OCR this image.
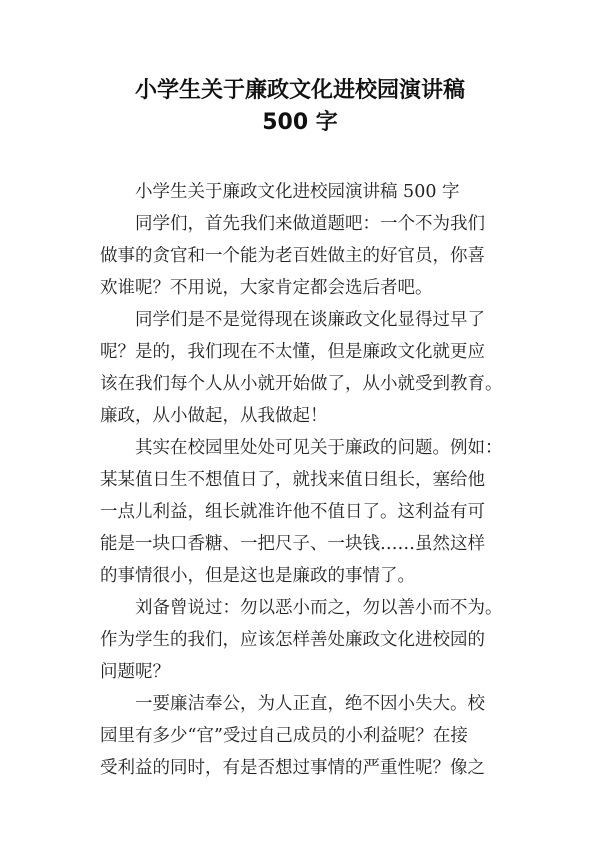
小学生关于廉政文化进校园演讲稿
500 字

小学生关于廉政文化进校园演讲稿 500 字

同学们，首先我们来做道题吧：一个不为我们
做事的贪官和一个能为老百姓做主的好官员，你喜
欢谁呢？不用说，大家肯定都会选后者吧。

同学们是不是觉得现在谈廉政文化显得过早了
呢？是的，我们现在不太懂，但是廉政文化就更应
该在我们每个人从小就开始做了，从小就受到教育。
廉政，从小做起，从我做起！

其实在校园里处处可见关于廉政的问题。例如：
某某值日生不想值日了，就找来值日组长，塞给他
一点儿利益，组长就准许他不值日了。这利益有可
能是一块口香糖、一把尺子、一块钱……虽然这样
的事情很小，但是这也是廉政的事情了。

刘备曾说过：勿以恶小而之，勿以善小而不为。
作为学生的我们，应该怎样善处廉政文化进校园的
问题呢？

一要廉洁奉公，为人正直，绝不因小失大。校
园里有多少“官”受过自己成员的小利益呢？在接
受利益的同时，有是否想过事情的严重性呢？像之
